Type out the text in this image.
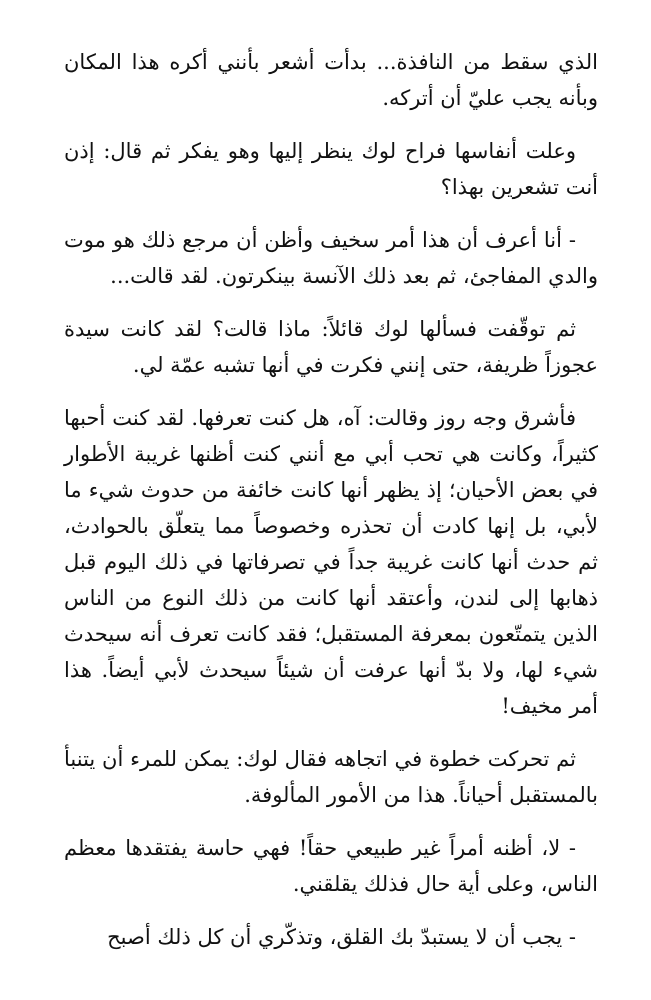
الذي سقط من النافذة... بدأت أشعر بأنني أكره هذا المكان وبأنه يجب عليّ أن أتركه.

وعلت أنفاسها فراح لوك ينظر إليها وهو يفكر ثم قال: إذن أنت تشعرين بهذا؟

- أنا أعرف أن هذا أمر سخيف وأظن أن مرجع ذلك هو موت والدي المفاجئ، ثم بعد ذلك الآنسة بينكرتون. لقد قالت...

ثم توقّفت فسألها لوك قائلاً: ماذا قالت؟ لقد كانت سيدة عجوزاً ظريفة، حتى إنني فكرت في أنها تشبه عمّة لي.

فأشرق وجه روز وقالت: آه، هل كنت تعرفها. لقد كنت أحبها كثيراً، وكانت هي تحب أبي مع أنني كنت أظنها غريبة الأطوار في بعض الأحيان؛ إذ يظهر أنها كانت خائفة من حدوث شيء ما لأبي، بل إنها كادت أن تحذره وخصوصاً مما يتعلّق بالحوادث، ثم حدث أنها كانت غريبة جداً في تصرفاتها في ذلك اليوم قبل ذهابها إلى لندن، وأعتقد أنها كانت من ذلك النوع من الناس الذين يتمتّعون بمعرفة المستقبل؛ فقد كانت تعرف أنه سيحدث شيء لها، ولا بدّ أنها عرفت أن شيئاً سيحدث لأبي أيضاً. هذا أمر مخيف!

ثم تحركت خطوة في اتجاهه فقال لوك: يمكن للمرء أن يتنبأ بالمستقبل أحياناً. هذا من الأمور المألوفة.

- لا، أظنه أمراً غير طبيعي حقاً! فهي حاسة يفتقدها معظم الناس، وعلى أية حال فذلك يقلقني.

- يجب أن لا يستبدّ بك القلق، وتذكّري أن كل ذلك أصبح
